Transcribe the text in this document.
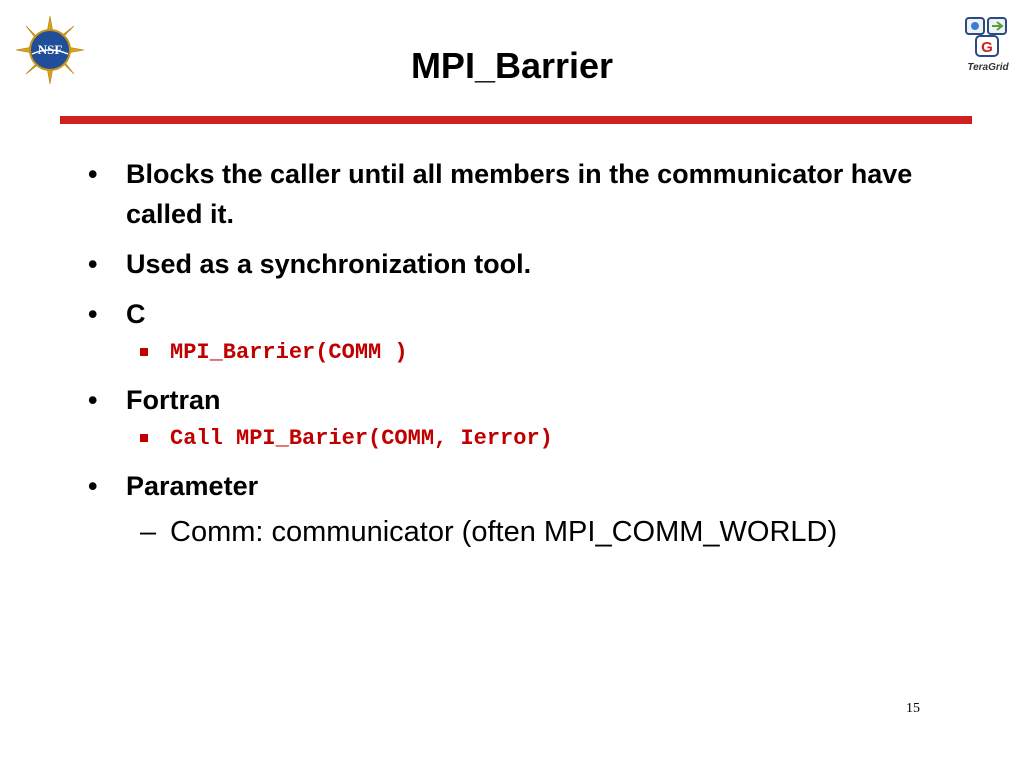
NSF	G
TeraGrid
MPI_Barrier
•	Blocks the caller until all members in the communicator have called it.
•	Used as a synchronization tool.
•	C
MPI_Barrier(COMM )
•	Fortran
Call MPI_Barier(COMM, Ierror)
•	Parameter
– Comm: communicator (often MPI_COMM_WORLD)
15
